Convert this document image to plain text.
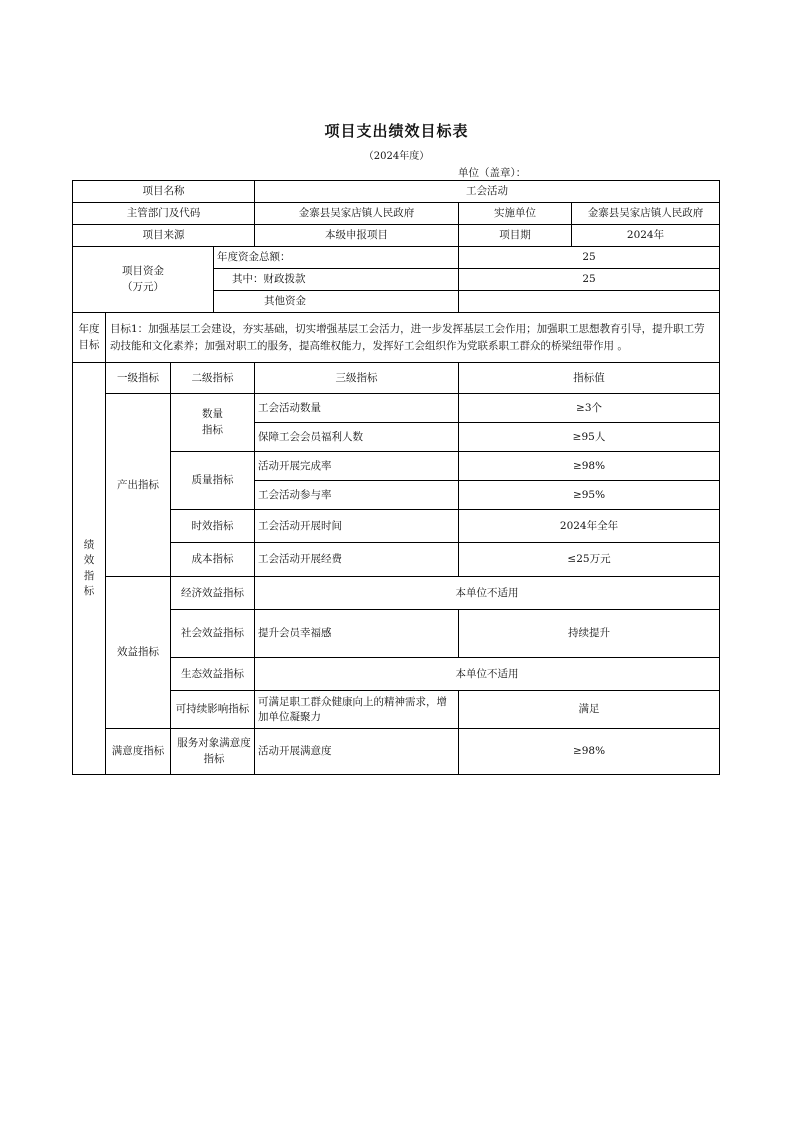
项目支出绩效目标表
（2024年度）
单位（盖章）：
项目名称				工会活动		
主管部门及代码				金寨县吴家店镇人民政府	实施单位	金寨县吴家店镇人民政府
项目来源				本级申报项目	项目期	2024年

项目资金（万元）			年度资金总额：		25	
			其中：财政拨款		25	
			其他资金			

年度目标	目标1：加强基层工会建设，夯实基础，切实增强基层工会活力，进一步发挥基层工会作用；加强职工思想教育引导，提升职工劳动技能和文化素养；加强对职工的服务，提高维权能力，发挥好工会组织作为党联系职工群众的桥梁纽带作用 。					
绩效指标	一级指标	二级指标		三级指标	指标值	
	产出指标	数量指标		工会活动数量	≥3个	
				保障工会会员福利人数	≥95人	
		质量指标		活动开展完成率	≥98%	
				工会活动参与率	≥95%	
		时效指标		工会活动开展时间	2024年全年	
		成本指标		工会活动开展经费	≤25万元	
	效益指标	经济效益指标		本单位不适用		
		社会效益指标		提升会员幸福感	持续提升	

		生态效益指标		本单位不适用		
		可持续影响指标		可满足职工群众健康向上的精神需求，增加单位凝聚力	满足	

	满意度指标	服务对象满意度指标		活动开展满意度	≥98%	
